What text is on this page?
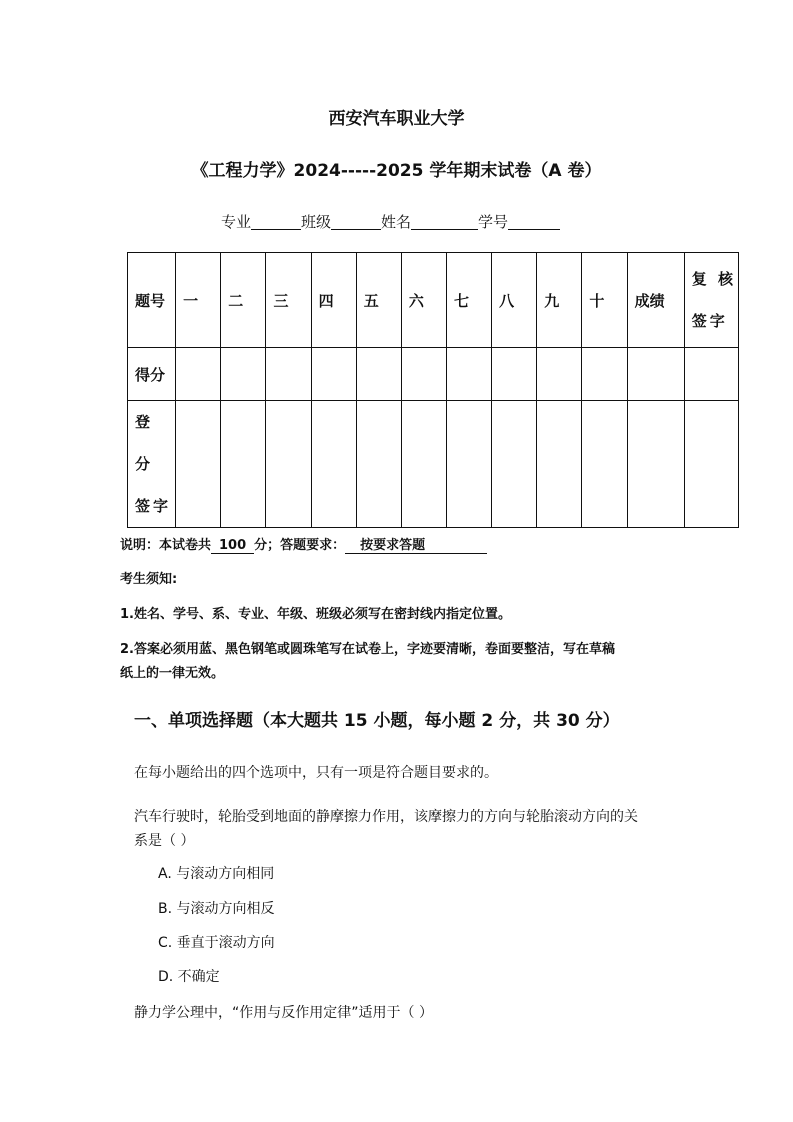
西安汽车职业大学
《工程力学》2024-----2025 学年期末试卷（A 卷）
专业	班级	姓名	学号
题号	一	二	三	四	五	六	七	八	九	十	成绩	复 核
签字

得分												

登 分
签字												

说明：本试卷共 100 分；答题要求： 按要求答题
考生须知:
1.姓名、学号、系、专业、年级、班级必须写在密封线内指定位置。
2.答案必须用蓝、黑色钢笔或圆珠笔写在试卷上，字迹要清晰，卷面要整洁，写在草稿
纸上的一律无效。
一、单项选择题（本大题共 15 小题，每小题 2 分，共 30 分）
在每小题给出的四个选项中，只有一项是符合题目要求的。
汽车行驶时，轮胎受到地面的静摩擦力作用，该摩擦力的方向与轮胎滚动方向的关
系是（ ）
A. 与滚动方向相同
B. 与滚动方向相反
C. 垂直于滚动方向
D. 不确定
静力学公理中，“作用与反作用定律”适用于（ ）
